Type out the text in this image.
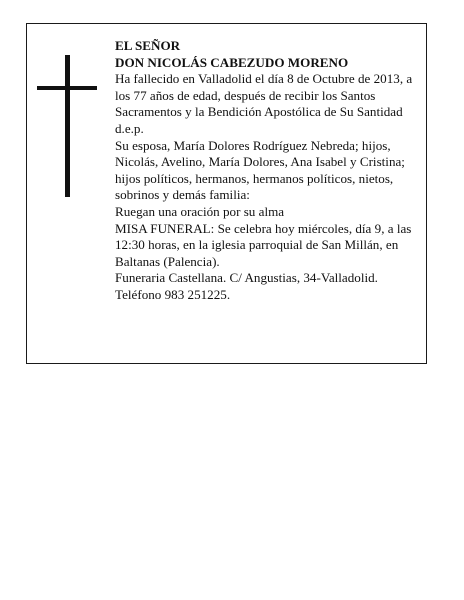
EL SEÑOR

DON NICOLÁS CABEZUDO MORENO

Ha fallecido en Valladolid el día 8 de Octubre de 2013, a los 77 años de edad, después de recibir los Santos Sacramentos y la Bendición Apostólica de Su Santidad d.e.p.

Su esposa, María Dolores Rodríguez Nebreda; hijos, Nicolás, Avelino, María Dolores, Ana Isabel y Cristina; hijos políticos, hermanos, hermanos políticos, nietos, sobrinos y demás familia:

Ruegan una oración por su alma

MISA FUNERAL: Se celebra hoy miércoles, día 9, a las 12:30 horas, en la iglesia parroquial de San Millán, en Baltanas (Palencia).

Funeraria Castellana. C/ Angustias, 34-Valladolid. Teléfono 983 251225.
